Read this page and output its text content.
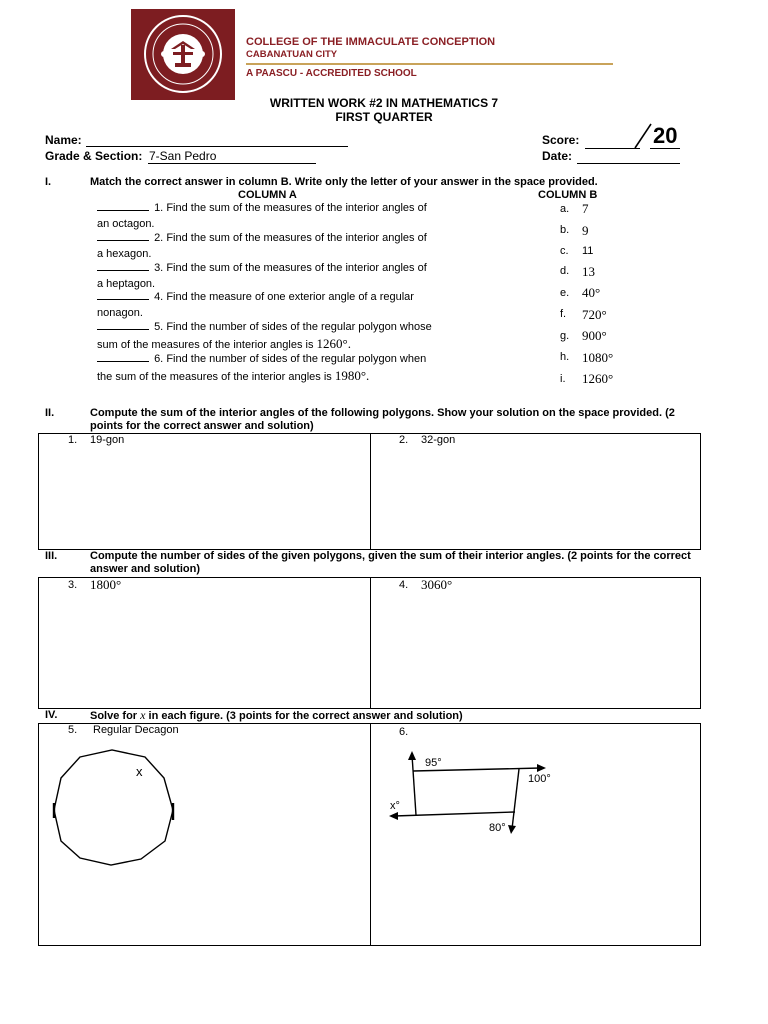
COLLEGE OF THE IMMACULATE CONCEPTION
CABANATUAN CITY
A PAASCU - ACCREDITED SCHOOL
WRITTEN WORK #2 IN MATHEMATICS 7
FIRST QUARTER
Name:
Grade & Section: 7-San Pedro
Score:	20
Date:
I.	Match the correct answer in column B. Write only the letter of your answer in the space provided.
COLUMN A	COLUMN B
1. Find the sum of the measures of the interior angles of
an octagon.
2. Find the sum of the measures of the interior angles of
a hexagon.
3. Find the sum of the measures of the interior angles of
a heptagon.
4. Find the measure of one exterior angle of a regular
nonagon.
5. Find the number of sides of the regular polygon whose
sum of the measures of the interior angles is 1260°.
6. Find the number of sides of the regular polygon when
the sum of the measures of the interior angles is 1980°.
a. 7
b. 9
c. 11
d. 13
e. 40°
f. 720°
g. 900°
h. 1080°
i. 1260°
II.	Compute the sum of the interior angles of the following polygons. Show your solution on the space provided. (2
points for the correct answer and solution)
1. 19-gon	2. 32-gon
III.	Compute the number of sides of the given polygons, given the sum of their interior angles. (2 points for the correct
answer and solution)
3. 1800°	4. 3060°
IV.	Solve for x in each figure. (3 points for the correct answer and solution)
5. Regular Decagon
x
6.
95°
100°
x°
80°
